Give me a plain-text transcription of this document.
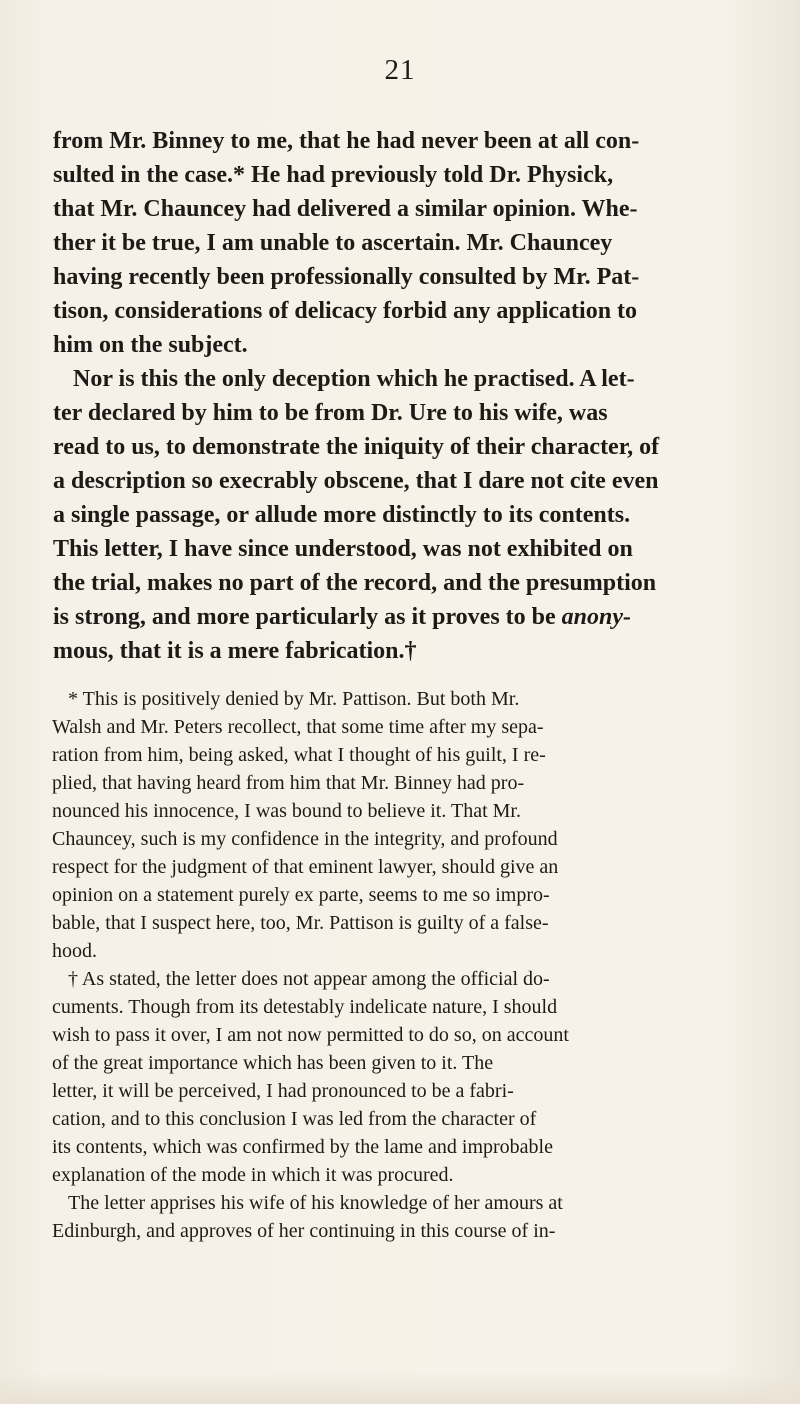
21
from Mr. Binney to me, that he had never been at all con-
sulted in the case.* He had previously told Dr. Physick,
that Mr. Chauncey had delivered a similar opinion. Whe-
ther it be true, I am unable to ascertain. Mr. Chauncey
having recently been professionally consulted by Mr. Pat-
tison, considerations of delicacy forbid any application to
him on the subject.
Nor is this the only deception which he practised. A let-
ter declared by him to be from Dr. Ure to his wife, was
read to us, to demonstrate the iniquity of their character, of
a description so execrably obscene, that I dare not cite even
a single passage, or allude more distinctly to its contents.
This letter, I have since understood, was not exhibited on
the trial, makes no part of the record, and the presumption
is strong, and more particularly as it proves to be anony-
mous, that it is a mere fabrication.†
* This is positively denied by Mr. Pattison. But both Mr.
Walsh and Mr. Peters recollect, that some time after my sepa-
ration from him, being asked, what I thought of his guilt, I re-
plied, that having heard from him that Mr. Binney had pro-
nounced his innocence, I was bound to believe it. That Mr.
Chauncey, such is my confidence in the integrity, and profound
respect for the judgment of that eminent lawyer, should give an
opinion on a statement purely ex parte, seems to me so impro-
bable, that I suspect here, too, Mr. Pattison is guilty of a false-
hood.
† As stated, the letter does not appear among the official do-
cuments. Though from its detestably indelicate nature, I should
wish to pass it over, I am not now permitted to do so, on account
of the great importance which has been given to it. The
letter, it will be perceived, I had pronounced to be a fabri-
cation, and to this conclusion I was led from the character of
its contents, which was confirmed by the lame and improbable
explanation of the mode in which it was procured.
The letter apprises his wife of his knowledge of her amours at
Edinburgh, and approves of her continuing in this course of in-
